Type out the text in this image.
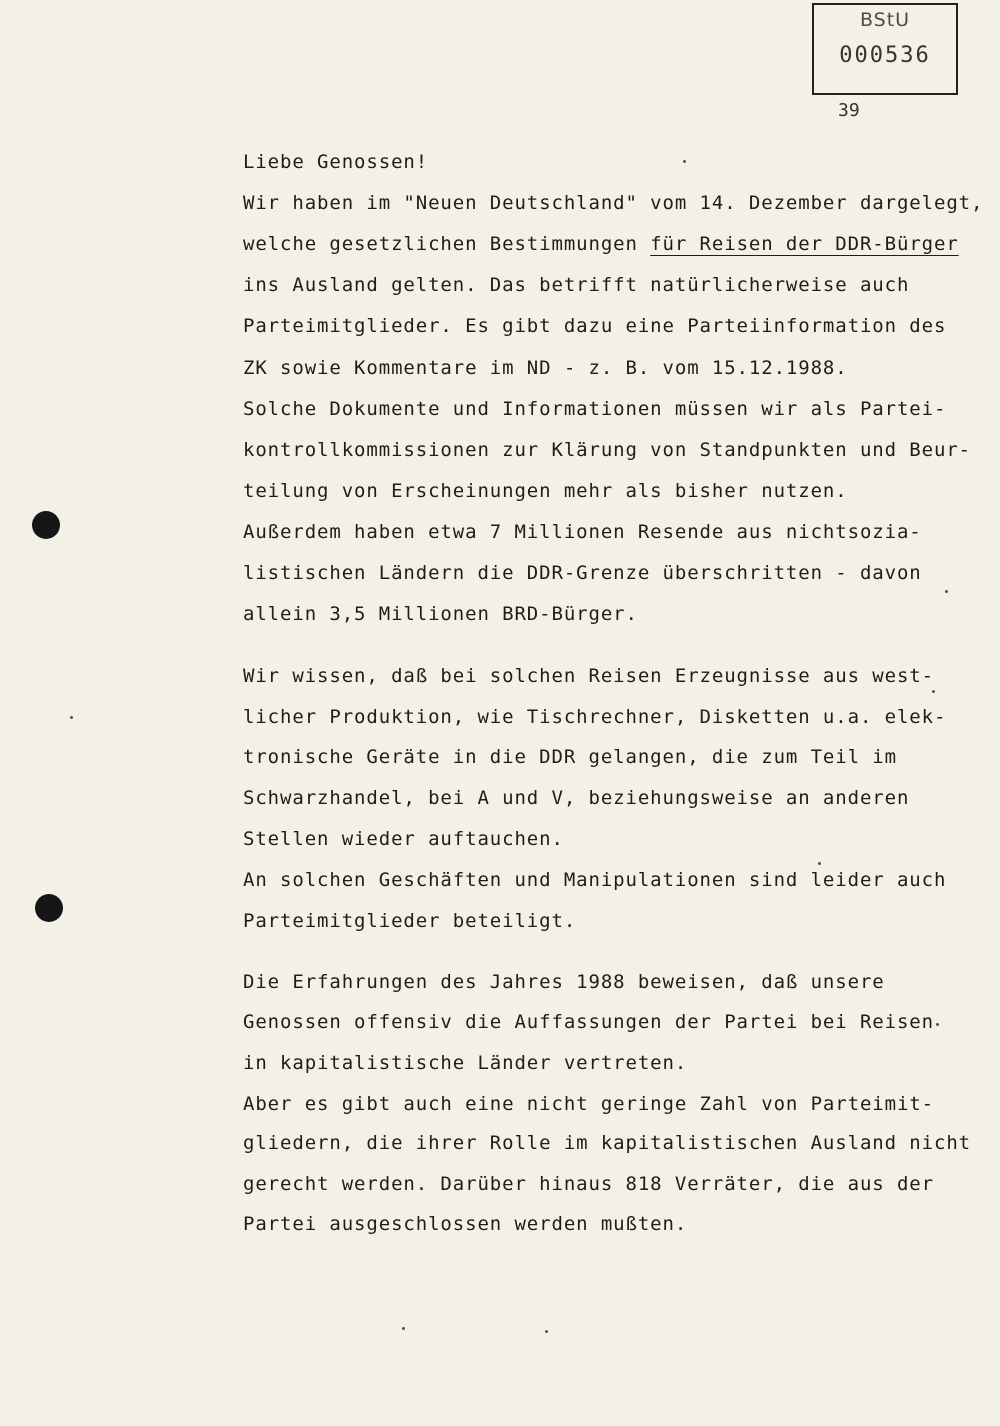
BStU
000536
39
Liebe Genossen!
Wir haben im "Neuen Deutschland" vom 14. Dezember dargelegt,
welche gesetzlichen Bestimmungen für Reisen der DDR-Bürger
ins Ausland gelten. Das betrifft natürlicherweise auch
Parteimitglieder. Es gibt dazu eine Parteiinformation des
ZK sowie Kommentare im ND - z. B. vom 15.12.1988.
Solche Dokumente und Informationen müssen wir als Partei-
kontrollkommissionen zur Klärung von Standpunkten und Beur-
teilung von Erscheinungen mehr als bisher nutzen.
Außerdem haben etwa 7 Millionen Resende aus nichtsozia-
listischen Ländern die DDR-Grenze überschritten - davon
allein 3,5 Millionen BRD-Bürger.
Wir wissen, daß bei solchen Reisen Erzeugnisse aus west-
licher Produktion, wie Tischrechner, Disketten u.a. elek-
tronische Geräte in die DDR gelangen, die zum Teil im
Schwarzhandel, bei A und V, beziehungsweise an anderen
Stellen wieder auftauchen.
An solchen Geschäften und Manipulationen sind leider auch
Parteimitglieder beteiligt.
Die Erfahrungen des Jahres 1988 beweisen, daß unsere
Genossen offensiv die Auffassungen der Partei bei Reisen
in kapitalistische Länder vertreten.
Aber es gibt auch eine nicht geringe Zahl von Parteimit-
gliedern, die ihrer Rolle im kapitalistischen Ausland nicht
gerecht werden. Darüber hinaus 818 Verräter, die aus der
Partei ausgeschlossen werden mußten.
